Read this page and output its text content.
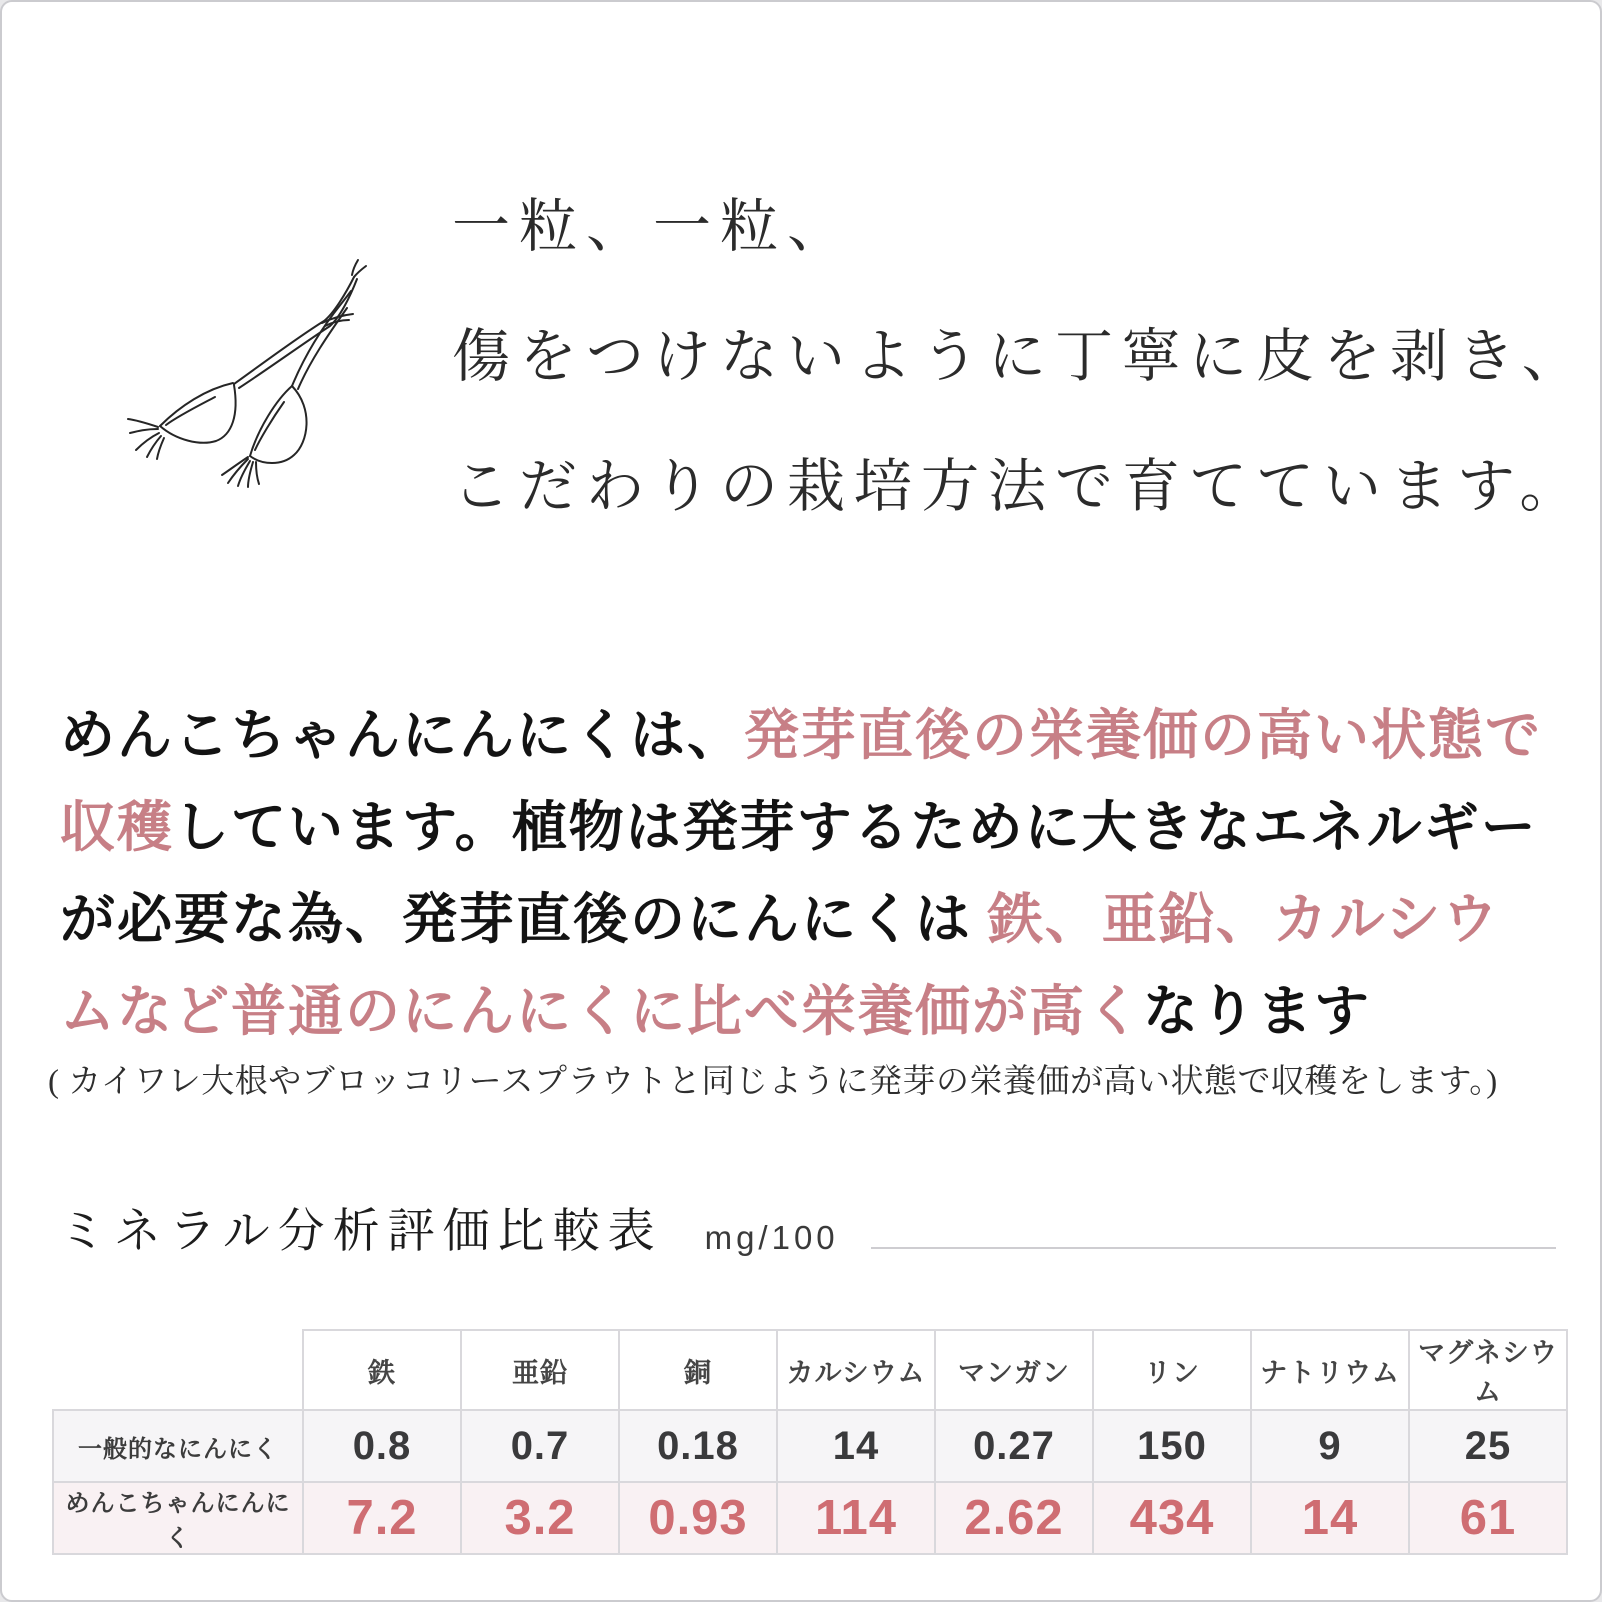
一粒、一粒、
傷をつけないように丁寧に皮を剥き、
こだわりの栽培方法で育てています。
めんこちゃんにんにくは、発芽直後の栄養価の高い状態で
収穫しています。植物は発芽するために大きなエネルギー
が必要な為、発芽直後のにんにくは 鉄、亜鉛、カルシウ
ムなど普通のにんにくに比べ栄養価が高くなります
( カイワレ大根やブロッコリースプラウトと同じように発芽の栄養価が高い状態で収穫をします。)
ミネラル分析評価比較表 mg/100
	鉄	亜鉛	銅	カルシウム	マンガン	リン	ナトリウム	マグネシウム
一般的なにんにく	0.8	0.7	0.18	14	0.27	150	9	25
めんこちゃんにんにく	7.2	3.2	0.93	114	2.62	434	14	61
